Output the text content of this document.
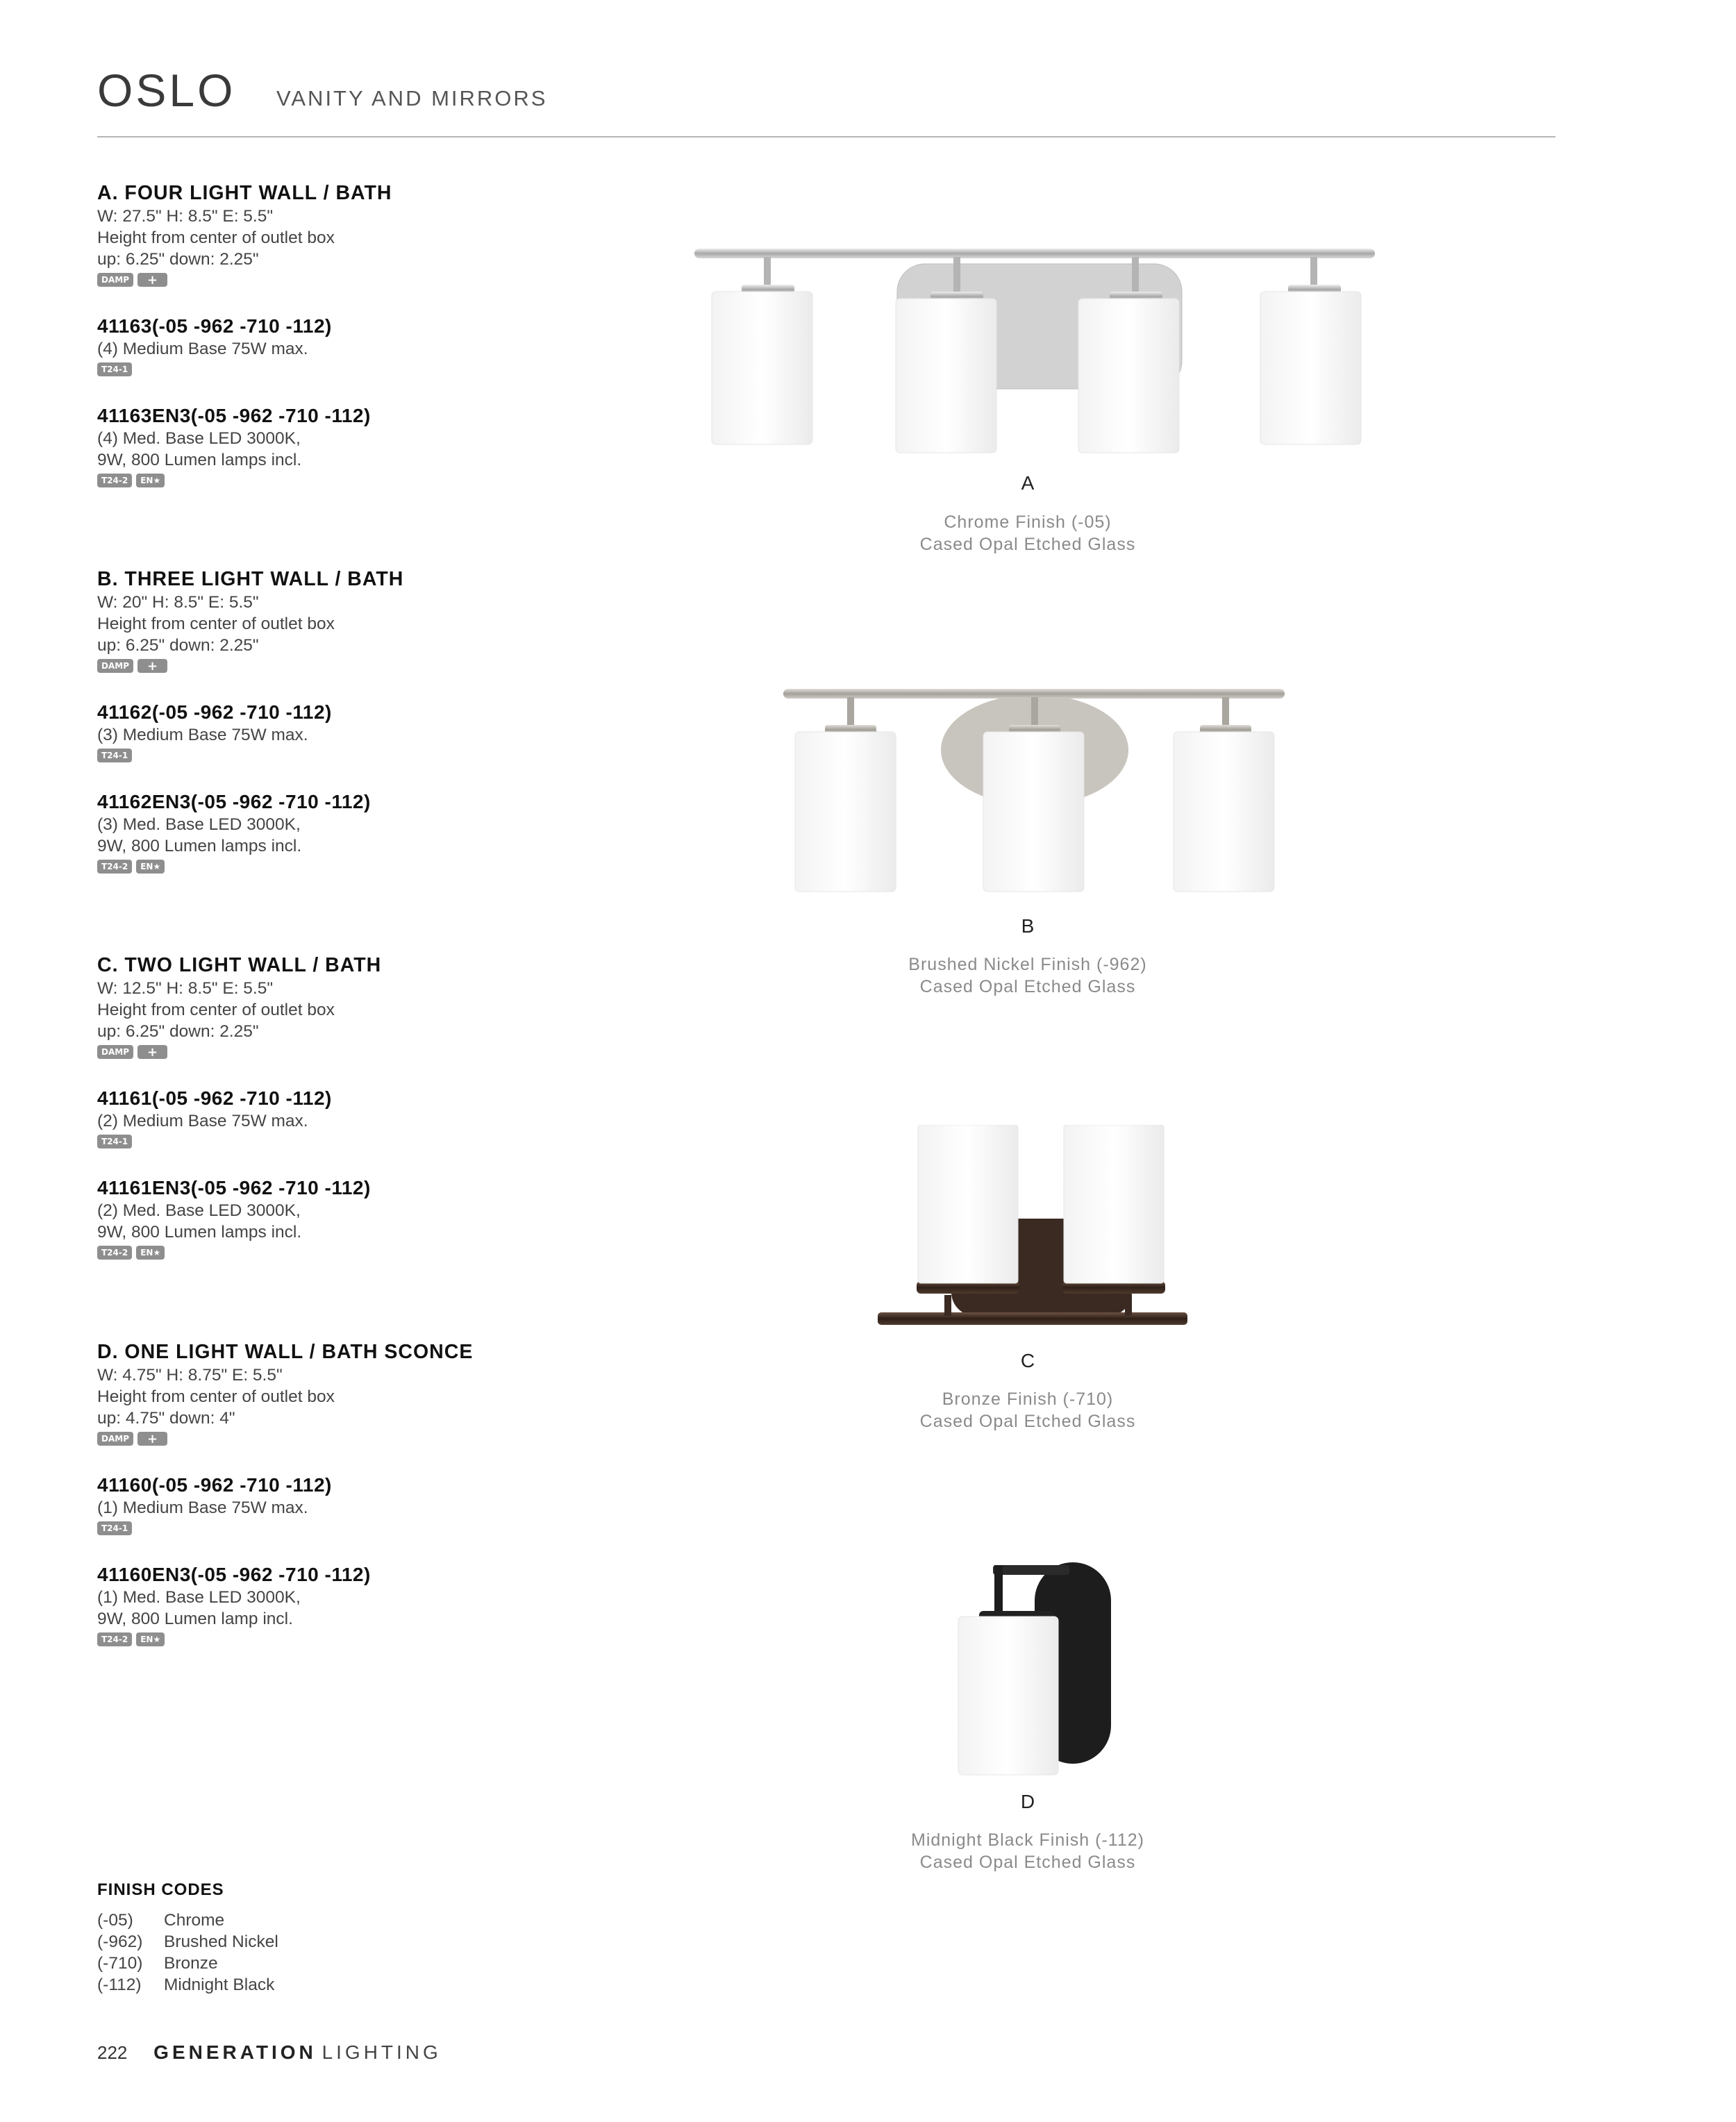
OSLO VANITY AND MIRRORS
A. FOUR LIGHT WALL / BATH
W: 27.5" H: 8.5" E: 5.5"
Height from center of outlet box
up: 6.25" down: 2.25"
DAMP	+
41163(-05 -962 -710 -112)
(4) Medium Base 75W max.
T24-1
41163EN3(-05 -962 -710 -112)
(4) Med. Base LED 3000K,
9W, 800 Lumen lamps incl.
T24-2	EN★
B. THREE LIGHT WALL / BATH
W: 20" H: 8.5" E: 5.5"
Height from center of outlet box
up: 6.25" down: 2.25"
DAMP	+
41162(-05 -962 -710 -112)
(3) Medium Base 75W max.
T24-1
41162EN3(-05 -962 -710 -112)
(3) Med. Base LED 3000K,
9W, 800 Lumen lamps incl.
T24-2	EN★
C. TWO LIGHT WALL / BATH
W: 12.5" H: 8.5" E: 5.5"
Height from center of outlet box
up: 6.25" down: 2.25"
DAMP	+
41161(-05 -962 -710 -112)
(2) Medium Base 75W max.
T24-1
41161EN3(-05 -962 -710 -112)
(2) Med. Base LED 3000K,
9W, 800 Lumen lamps incl.
T24-2	EN★
D. ONE LIGHT WALL / BATH SCONCE
W: 4.75" H: 8.75" E: 5.5"
Height from center of outlet box
up: 4.75" down: 4"
DAMP	+
41160(-05 -962 -710 -112)
(1) Medium Base 75W max.
T24-1
41160EN3(-05 -962 -710 -112)
(1) Med. Base LED 3000K,
9W, 800 Lumen lamp incl.
T24-2	EN★
A
Chrome Finish (-05)
Cased Opal Etched Glass
B
Brushed Nickel Finish (-962)
Cased Opal Etched Glass
C
Bronze Finish (-710)
Cased Opal Etched Glass
D
Midnight Black Finish (-112)
Cased Opal Etched Glass
FINISH CODES
(-05)	Chrome
(-962)	Brushed Nickel
(-710)	Bronze
(-112)	Midnight Black
222 GENERATION LIGHTING
